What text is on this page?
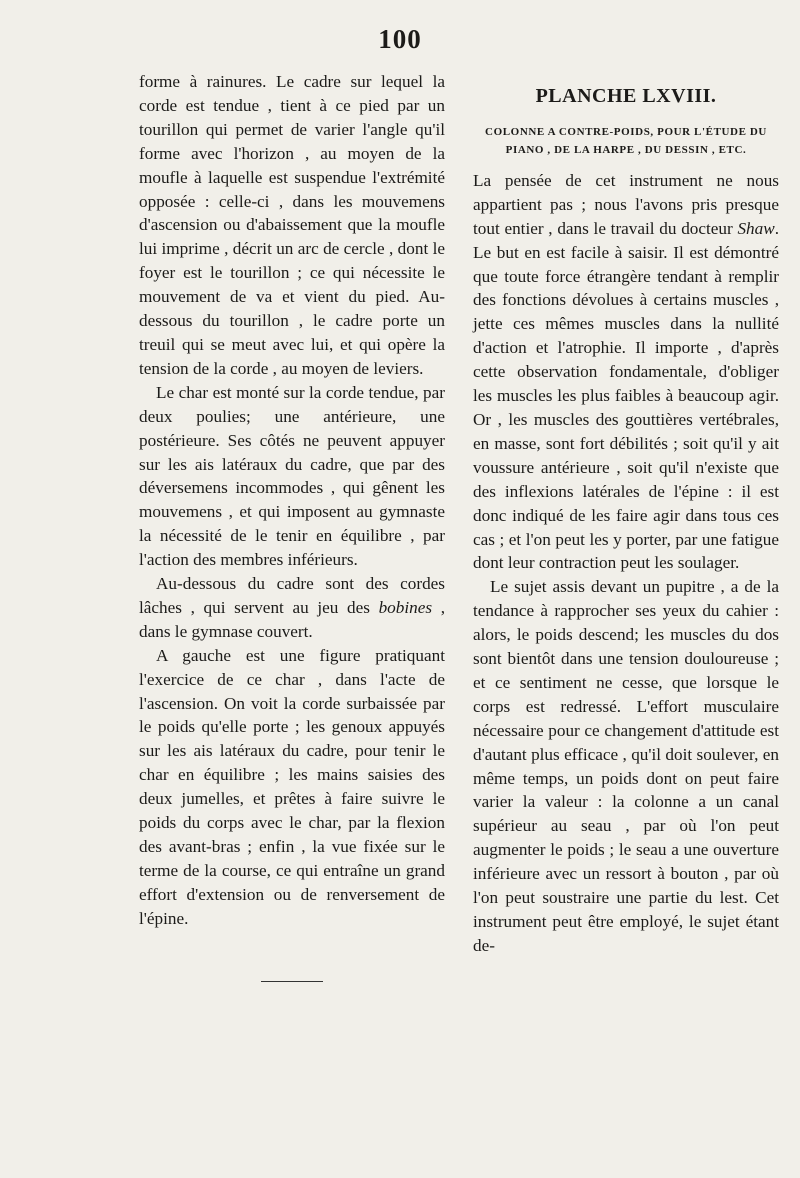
100

forme à rainures. Le cadre sur lequel la corde est tendue , tient à ce pied par un tourillon qui permet de varier l'angle qu'il forme avec l'horizon , au moyen de la moufle à laquelle est suspendue l'extrémité opposée : celle-ci , dans les mouvemens d'ascension ou d'abaissement que la moufle lui imprime , décrit un arc de cercle , dont le foyer est le tourillon ; ce qui nécessite le mouvement de va et vient du pied. Au-dessous du tourillon , le cadre porte un treuil qui se meut avec lui, et qui opère la tension de la corde , au moyen de leviers.

Le char est monté sur la corde tendue, par deux poulies; une antérieure, une postérieure. Ses côtés ne peuvent appuyer sur les ais latéraux du cadre, que par des déversemens incommodes , qui gênent les mouvemens , et qui imposent au gymnaste la nécessité de le tenir en équilibre , par l'action des membres inférieurs.

Au-dessous du cadre sont des cordes lâches , qui servent au jeu des bobines , dans le gymnase couvert.

A gauche est une figure pratiquant l'exercice de ce char , dans l'acte de l'ascension. On voit la corde surbaissée par le poids qu'elle porte ; les genoux appuyés sur les ais latéraux du cadre, pour tenir le char en équilibre ; les mains saisies des deux jumelles, et prêtes à faire suivre le poids du corps avec le char, par la flexion des avant-bras ; enfin , la vue fixée sur le terme de la course, ce qui entraîne un grand effort d'extension ou de renversement de l'épine.

PLANCHE LXVIII.
COLONNE A CONTRE-POIDS, POUR L'ÉTUDE DU PIANO , DE LA HARPE , DU DESSIN , ETC.

La pensée de cet instrument ne nous appartient pas ; nous l'avons pris presque tout entier , dans le travail du docteur Shaw. Le but en est facile à saisir. Il est démontré que toute force étrangère tendant à remplir des fonctions dévolues à certains muscles , jette ces mêmes muscles dans la nullité d'action et l'atrophie. Il importe , d'après cette observation fondamentale, d'obliger les muscles les plus faibles à beaucoup agir. Or , les muscles des gouttières vertébrales, en masse, sont fort débilités ; soit qu'il y ait voussure antérieure , soit qu'il n'existe que des inflexions latérales de l'épine : il est donc indiqué de les faire agir dans tous ces cas ; et l'on peut les y porter, par une fatigue dont leur contraction peut les soulager.

Le sujet assis devant un pupitre , a de la tendance à rapprocher ses yeux du cahier : alors, le poids descend; les muscles du dos sont bientôt dans une tension douloureuse ; et ce sentiment ne cesse, que lorsque le corps est redressé. L'effort musculaire nécessaire pour ce changement d'attitude est d'autant plus efficace , qu'il doit soulever, en même temps, un poids dont on peut faire varier la valeur : la colonne a un canal supérieur au seau , par où l'on peut augmenter le poids ; le seau a une ouverture inférieure avec un ressort à bouton , par où l'on peut soustraire une partie du lest. Cet instrument peut être employé, le sujet étant de-
